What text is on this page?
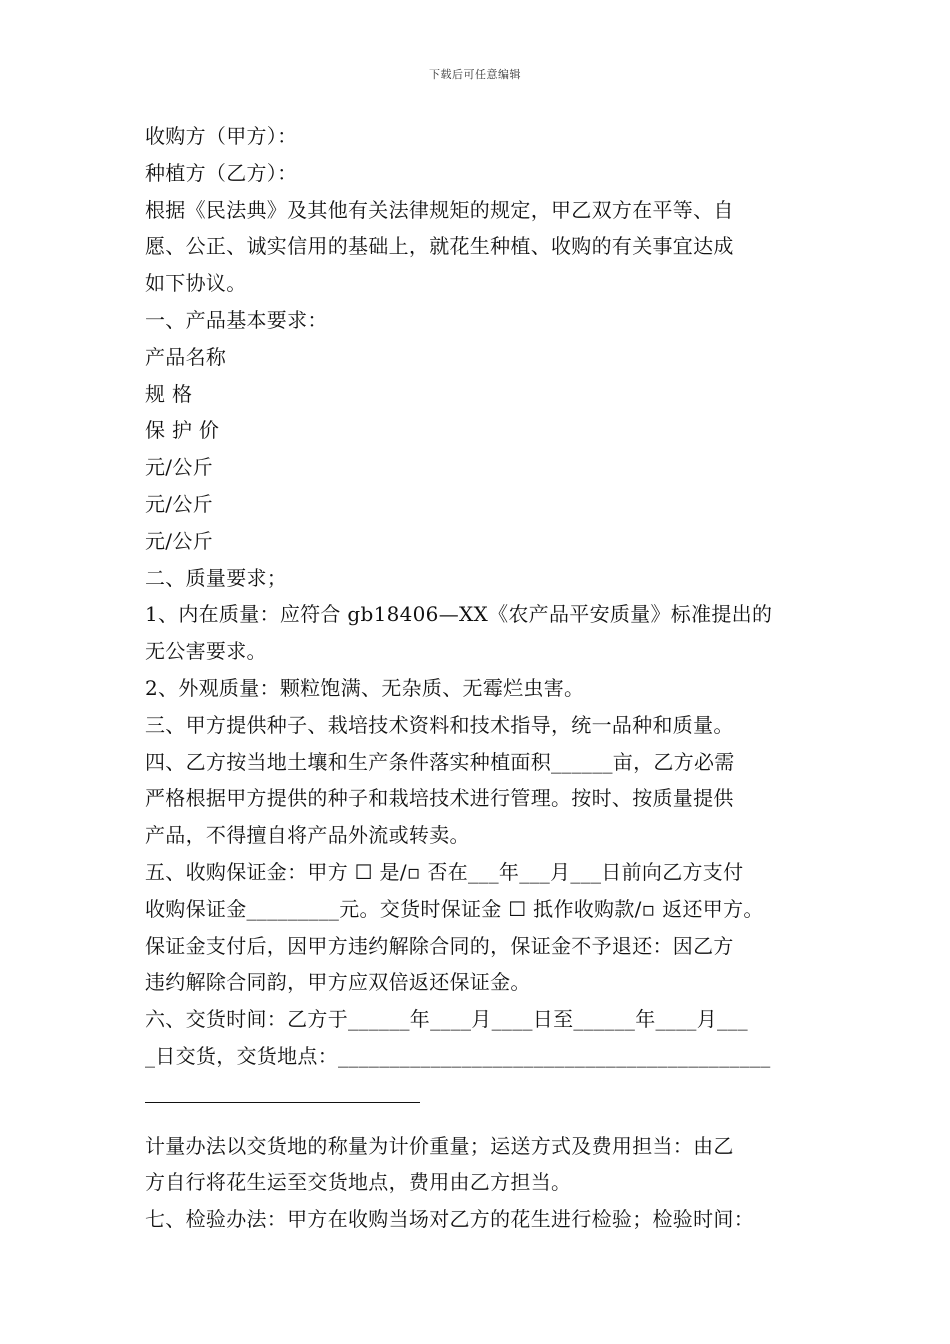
下载后可任意编辑
收购方（甲方）：
种植方（乙方）：
根据《民法典》及其他有关法律规矩的规定，甲乙双方在平等、自
愿、公正、诚实信用的基础上，就花生种植、收购的有关事宜达成
如下协议。
一、产品基本要求：
产品名称
规 格
保 护 价
元/公斤
元/公斤
元/公斤
二、质量要求；
1、内在质量：应符合 gb18406—XX《农产品平安质量》标准提出的
无公害要求。
2、外观质量：颗粒饱满、无杂质、无霉烂虫害。
三、甲方提供种子、栽培技术资料和技术指导，统一品种和质量。
四、乙方按当地土壤和生产条件落实种植面积______亩，乙方必需
严格根据甲方提供的种子和栽培技术进行管理。按时、按质量提供
产品，不得擅自将产品外流或转卖。
五、收购保证金：甲方 ☐ 是/▫ 否在___年___月___日前向乙方支付
收购保证金_________元。交货时保证金 ☐ 抵作收购款/▫ 返还甲方。
保证金支付后，因甲方违约解除合同的，保证金不予退还：因乙方
违约解除合同韵，甲方应双倍返还保证金。
六、交货时间：乙方于______年____月____日至______年____月___
_日交货，交货地点：__________________________________________
计量办法以交货地的称量为计价重量；运送方式及费用担当：由乙
方自行将花生运至交货地点，费用由乙方担当。
七、检验办法：甲方在收购当场对乙方的花生进行检验；检验时间：
